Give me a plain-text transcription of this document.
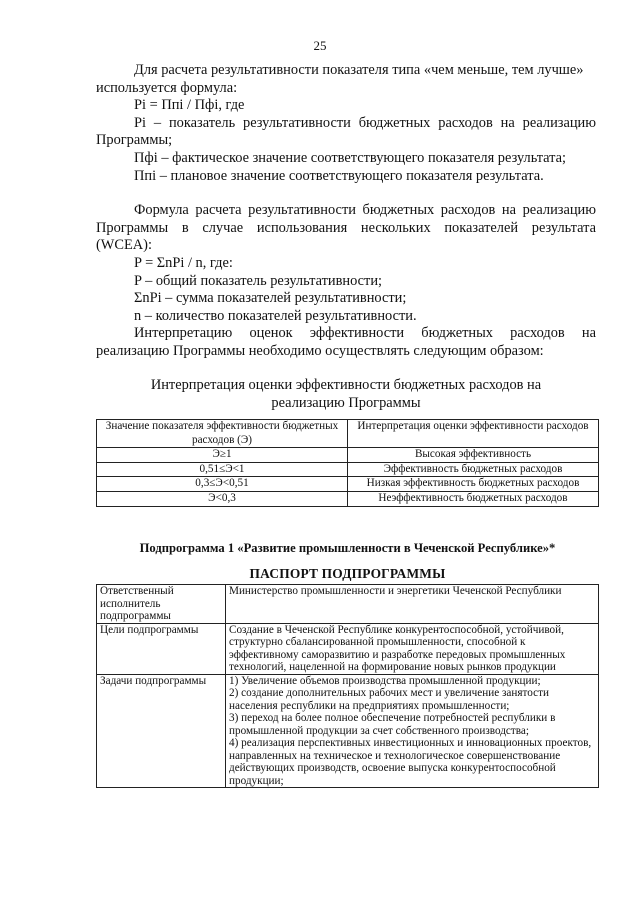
25

Для расчета результативности показателя типа «чем меньше, тем лучше»

используется формула:

Pi = Ппi / Пфi, где

Pi – показатель результативности бюджетных расходов на реализацию

Программы;

Пфi – фактическое значение соответствующего показателя результата;

Ппi – плановое значение соответствующего показателя результата.

Формула расчета результативности бюджетных расходов на реализацию

Программы в случае использования нескольких показателей результата

(WCEA):

P = ΣnPi / n, где:

P – общий показатель результативности;

ΣnPi – сумма показателей результативности;

n – количество показателей результативности.

Интерпретацию оценок эффективности бюджетных расходов на

реализацию Программы необходимо осуществлять следующим образом:

Интерпретация оценки эффективности бюджетных расходов на
реализацию Программы
Значение показателя эффективности бюджетных расходов (Э)	Интерпретация оценки эффективности расходов
Э≥1	Высокая эффективность
0,51≤Э<1	Эффективность бюджетных расходов
0,3≤Э<0,51	Низкая эффективность бюджетных расходов
Э<0,3	Неэффективность бюджетных расходов
Подпрограмма 1 «Развитие промышленности в Чеченской Республике»*
ПАСПОРТ ПОДПРОГРАММЫ
Ответственный исполнитель подпрограммы	Министерство промышленности и энергетики Чеченской Республики

Цели подпрограммы	Создание в Чеченской Республике конкурентоспособной, устойчивой, структурно сбалансированной промышленности, способной к эффективному саморазвитию и разработке передовых промышленных технологий, нацеленной на формирование новых рынков продукции

Задачи подпрограммы	1) Увеличение объемов производства промышленной продукции;
2) создание дополнительных рабочих мест и увеличение занятости населения республики на предприятиях промышленности;
3) переход на более полное обеспечение потребностей республики в промышленной продукции за счет собственного производства;
4) реализация перспективных инвестиционных и инновационных проектов, направленных на техническое и технологическое совершенствование действующих производств, освоение выпуска конкурентоспособной продукции;
